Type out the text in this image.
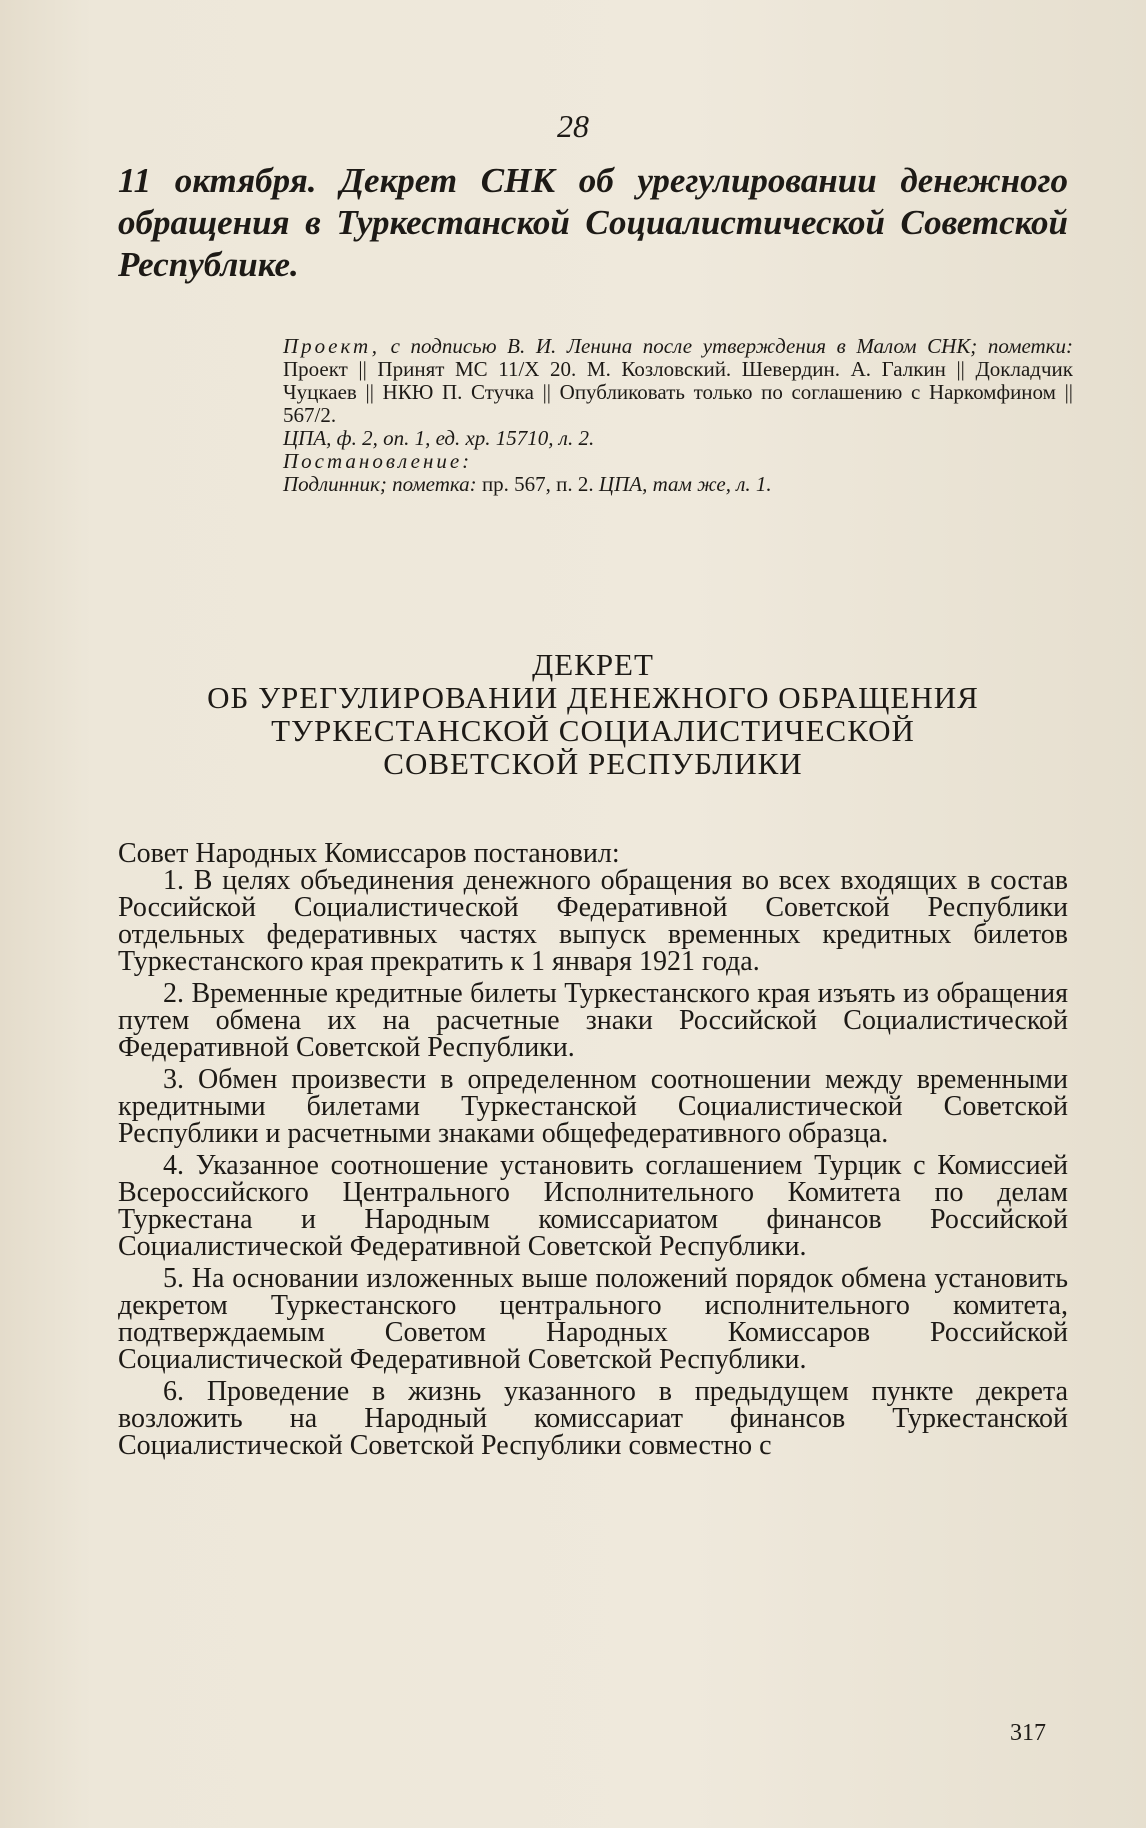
28
11 октября. Декрет СНК об урегулировании денежного обращения в Туркестанской Социалистической Советской Республике.
Проект, с подписью В. И. Ленина после утверждения в Малом СНК; пометки: Проект || Принят МС 11/Х 20. М. Козловский. Шевердин. А. Галкин || Докладчик Чуцкаев || НКЮ П. Стучка || Опубликовать только по соглашению с Наркомфином || 567/2.
ЦПА, ф. 2, оп. 1, ед. хр. 15710, л. 2.
Постановление:
Подлинник; пометка: пр. 567, п. 2. ЦПА, там же, л. 1.
ДЕКРЕТ
ОБ УРЕГУЛИРОВАНИИ ДЕНЕЖНОГО ОБРАЩЕНИЯ
ТУРКЕСТАНСКОЙ СОЦИАЛИСТИЧЕСКОЙ
СОВЕТСКОЙ РЕСПУБЛИКИ

Совет Народных Комиссаров постановил:

1. В целях объединения денежного обращения во всех входящих в состав Российской Социалистической Федеративной Советской Республики отдельных федеративных частях выпуск временных кредитных билетов Туркестанского края прекратить к 1 января 1921 года.

2. Временные кредитные билеты Туркестанского края изъять из обращения путем обмена их на расчетные знаки Российской Социалистической Федеративной Советской Республики.

3. Обмен произвести в определенном соотношении между временными кредитными билетами Туркестанской Социалистической Советской Республики и расчетными знаками общефедеративного образца.

4. Указанное соотношение установить соглашением Турцик с Комиссией Всероссийского Центрального Исполнительного Комитета по делам Туркестана и Народным комиссариатом финансов Российской Социалистической Федеративной Советской Республики.

5. На основании изложенных выше положений порядок обмена установить декретом Туркестанского центрального исполнительного комитета, подтверждаемым Советом Народных Комиссаров Российской Социалистической Федеративной Советской Республики.

6. Проведение в жизнь указанного в предыдущем пункте декрета возложить на Народный комиссариат финансов Туркестанской Социалистической Советской Республики совместно с

317
